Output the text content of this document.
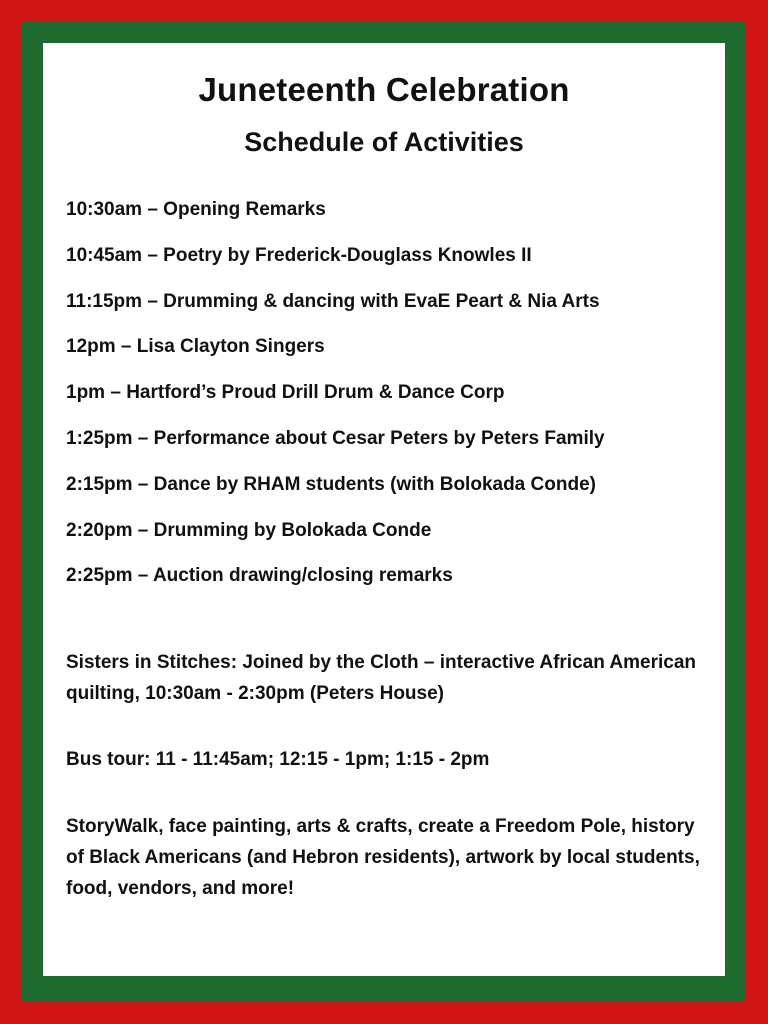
Juneteenth Celebration
Schedule of Activities
10:30am – Opening Remarks
10:45am – Poetry by Frederick-Douglass Knowles II
11:15pm – Drumming & dancing with EvaE Peart & Nia Arts
12pm – Lisa Clayton Singers
1pm – Hartford’s Proud Drill Drum & Dance Corp
1:25pm – Performance about Cesar Peters by Peters Family
2:15pm – Dance by RHAM students (with Bolokada Conde)
2:20pm – Drumming by Bolokada Conde
2:25pm – Auction drawing/closing remarks

Sisters in Stitches: Joined by the Cloth – interactive African American quilting, 10:30am - 2:30pm (Peters House)

Bus tour: 11 - 11:45am; 12:15 - 1pm; 1:15 - 2pm

StoryWalk, face painting, arts & crafts, create a Freedom Pole, history of Black Americans (and Hebron residents), artwork by local students, food, vendors, and more!
